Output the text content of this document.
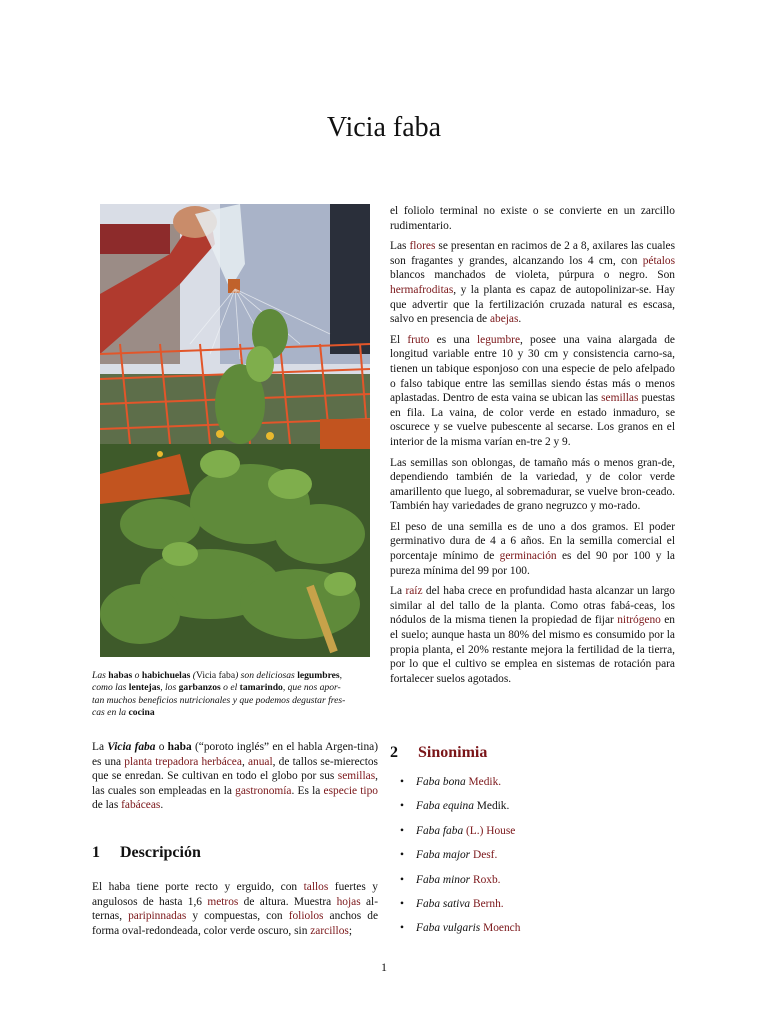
Vicia faba
Las habas o habichuelas (Vicia faba) son deliciosas legumbres,
como las lentejas, los garbanzos o el tamarindo, que nos apor-
tan muchos beneficios nutricionales y que podemos degustar fres-
cas en la cocina

La Vicia faba o haba (“poroto inglés” en el habla Argen-tina) es una planta trepadora herbácea, anual, de tallos se-mierectos que se enredan. Se cultivan en todo el globo por sus semillas, las cuales son empleadas en la gastronomía. Es la especie tipo de las fabáceas.

1 Descripción

El haba tiene porte recto y erguido, con tallos fuertes y angulosos de hasta 1,6 metros de altura. Muestra hojas al-ternas, paripinnadas y compuestas, con foliolos anchos de forma oval-redondeada, color verde oscuro, sin zarcillos;

el foliolo terminal no existe o se convierte en un zarcillo rudimentario.

Las flores se presentan en racimos de 2 a 8, axilares las cuales son fragantes y grandes, alcanzando los 4 cm, con pétalos blancos manchados de violeta, púrpura o negro. Son hermafroditas, y la planta es capaz de autopolinizar-se. Hay que advertir que la fertilización cruzada natural es escasa, salvo en presencia de abejas.

El fruto es una legumbre, posee una vaina alargada de longitud variable entre 10 y 30 cm y consistencia carno-sa, tienen un tabique esponjoso con una especie de pelo afelpado o falso tabique entre las semillas siendo éstas más o menos aplastadas. Dentro de esta vaina se ubican las semillas puestas en fila. La vaina, de color verde en estado inmaduro, se oscurece y se vuelve pubescente al secarse. Los granos en el interior de la misma varían en-tre 2 y 9.

Las semillas son oblongas, de tamaño más o menos gran-de, dependiendo también de la variedad, y de color verde amarillento que luego, al sobremadurar, se vuelve bron-ceado. También hay variedades de grano negruzco y mo-rado.

El peso de una semilla es de uno a dos gramos. El poder germinativo dura de 4 a 6 años. En la semilla comercial el porcentaje mínimo de germinación es del 90 por 100 y la pureza mínima del 99 por 100.

La raíz del haba crece en profundidad hasta alcanzar un largo similar al del tallo de la planta. Como otras fabá-ceas, los nódulos de la misma tienen la propiedad de fijar nitrógeno en el suelo; aunque hasta un 80% del mismo es consumido por la propia planta, el 20% restante mejora la fertilidad de la tierra, por lo que el cultivo se emplea en sistemas de rotación para fortalecer suelos agotados.

2 Sinonimia
• Faba bona Medik.
• Faba equina Medik.
• Faba faba (L.) House
• Faba major Desf.
• Faba minor Roxb.
• Faba sativa Bernh.
• Faba vulgaris Moench
1
